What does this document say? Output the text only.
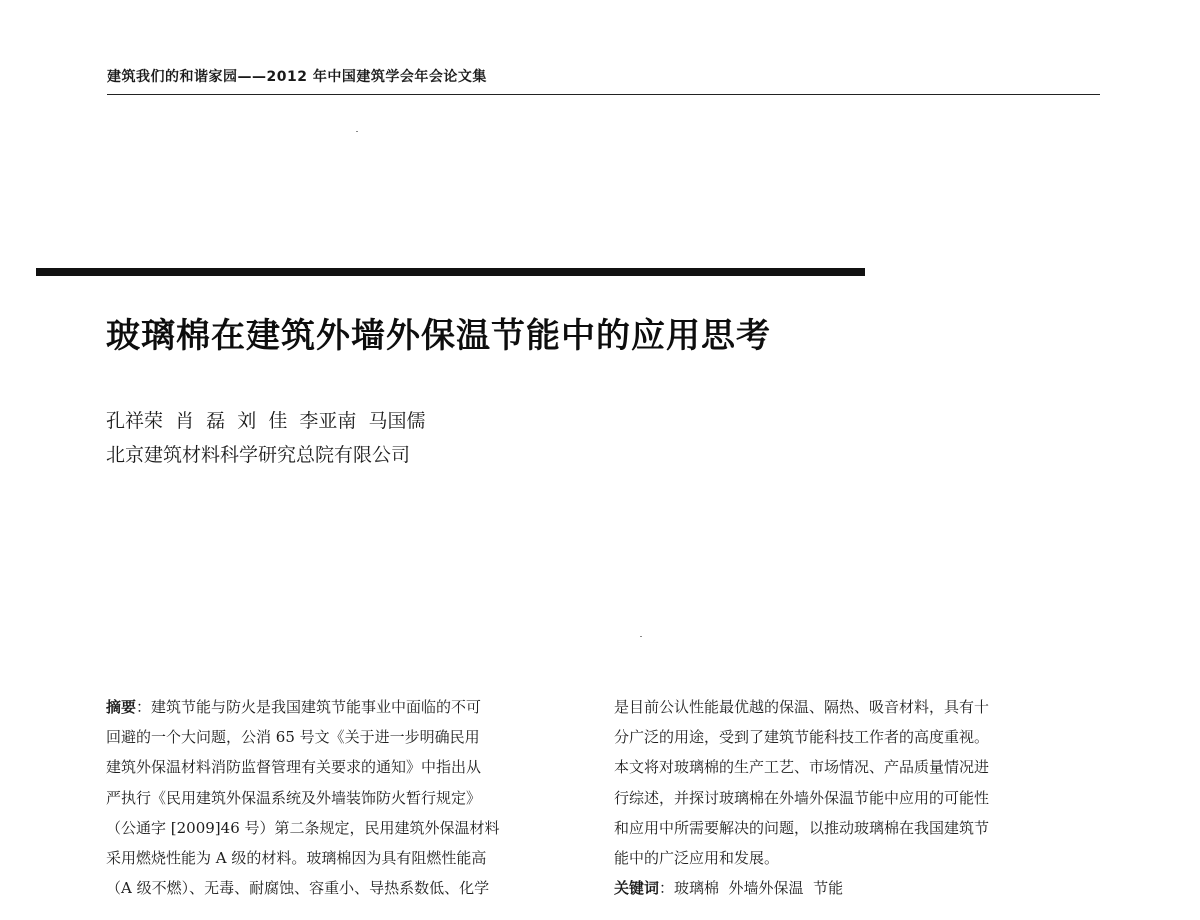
建筑我们的和谐家园——2012 年中国建筑学会年会论文集
玻璃棉在建筑外墙外保温节能中的应用思考
孔祥荣  肖  磊  刘  佳  李亚南  马国儒
北京建筑材料科学研究总院有限公司
摘要：建筑节能与防火是我国建筑节能事业中面临的不可
回避的一个大问题，公消 65 号文《关于进一步明确民用
建筑外保温材料消防监督管理有关要求的通知》中指出从
严执行《民用建筑外保温系统及外墙装饰防火暂行规定》
（公通字 [2009]46 号）第二条规定，民用建筑外保温材料
采用燃烧性能为 A 级的材料。玻璃棉因为具有阻燃性能高
（A 级不燃）、无毒、耐腐蚀、容重小、导热系数低、化学
是目前公认性能最优越的保温、隔热、吸音材料，具有十
分广泛的用途，受到了建筑节能科技工作者的高度重视。
本文将对玻璃棉的生产工艺、市场情况、产品质量情况进
行综述，并探讨玻璃棉在外墙外保温节能中应用的可能性
和应用中所需要解决的问题，以推动玻璃棉在我国建筑节
能中的广泛应用和发展。
关键词：玻璃棉  外墙外保温  节能
